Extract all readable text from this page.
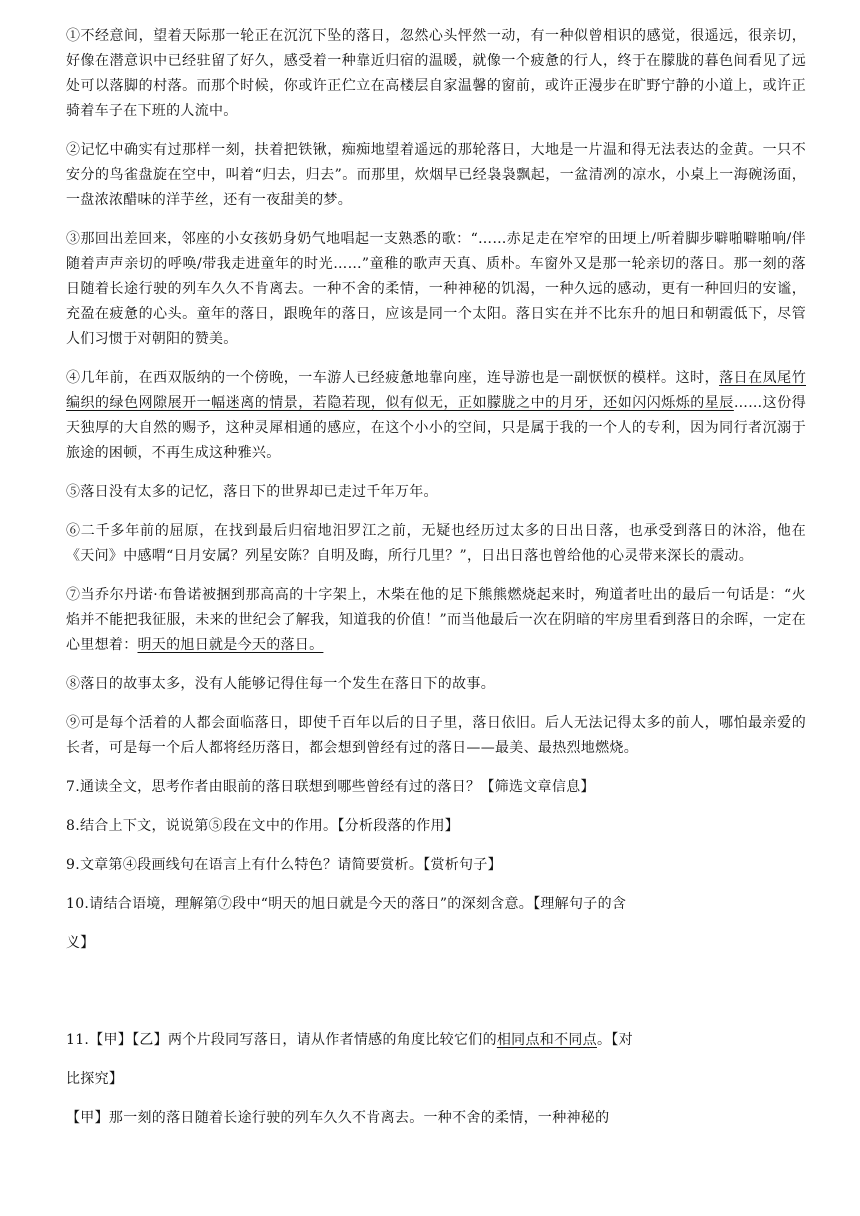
①不经意间，望着天际那一轮正在沉沉下坠的落日，忽然心头怦然一动，有一种似曾相识的感觉，很遥远，很亲切，好像在潜意识中已经驻留了好久，感受着一种靠近归宿的温暖，就像一个疲惫的行人，终于在朦胧的暮色间看见了远处可以落脚的村落。而那个时候，你或许正伫立在高楼层自家温馨的窗前，或许正漫步在旷野宁静的小道上，或许正骑着车子在下班的人流中。

②记忆中确实有过那样一刻，扶着把铁锹，痴痴地望着遥远的那轮落日，大地是一片温和得无法表达的金黄。一只不安分的鸟雀盘旋在空中，叫着“归去，归去”。而那里，炊烟早已经袅袅飘起，一盆清冽的凉水，小桌上一海碗汤面，一盘浓浓醋味的洋芋丝，还有一夜甜美的梦。

③那回出差回来，邻座的小女孩奶身奶气地唱起一支熟悉的歌：“……赤足走在窄窄的田埂上/听着脚步噼啪噼啪响/伴随着声声亲切的呼唤/带我走进童年的时光……”童稚的歌声天真、质朴。车窗外又是那一轮亲切的落日。那一刻的落日随着长途行驶的列车久久不肯离去。一种不舍的柔情，一种神秘的饥渴，一种久远的感动，更有一种回归的安谧，充盈在疲惫的心头。童年的落日，跟晚年的落日，应该是同一个太阳。落日实在并不比东升的旭日和朝霞低下，尽管人们习惯于对朝阳的赞美。

④几年前，在西双版纳的一个傍晚，一车游人已经疲惫地靠向座，连导游也是一副恹恹的模样。这时，落日在凤尾竹编织的绿色网隙展开一幅迷离的情景，若隐若现，似有似无，正如朦胧之中的月牙，还如闪闪烁烁的星辰……这份得天独厚的大自然的赐予，这种灵犀相通的感应，在这个小小的空间，只是属于我的一个人的专利，因为同行者沉溺于旅途的困顿，不再生成这种雅兴。

⑤落日没有太多的记忆，落日下的世界却已走过千年万年。

⑥二千多年前的屈原，在找到最后归宿地汨罗江之前，无疑也经历过太多的日出日落，也承受到落日的沐浴，他在《天问》中感喟“日月安属？列星安陈？自明及晦，所行几里？”，日出日落也曾给他的心灵带来深长的震动。

⑦当乔尔丹诺·布鲁诺被捆到那高高的十字架上，木柴在他的足下熊熊燃烧起来时，殉道者吐出的最后一句话是：“火焰并不能把我征服，未来的世纪会了解我，知道我的价值！”而当他最后一次在阴暗的牢房里看到落日的余晖，一定在心里想着：明天的旭日就是今天的落日。

⑧落日的故事太多，没有人能够记得住每一个发生在落日下的故事。

⑨可是每个活着的人都会面临落日，即使千百年以后的日子里，落日依旧。后人无法记得太多的前人，哪怕最亲爱的长者，可是每一个后人都将经历落日，都会想到曾经有过的落日——最美、最热烈地燃烧。

7.通读全文，思考作者由眼前的落日联想到哪些曾经有过的落日？【筛选文章信息】

8.结合上下文，说说第⑤段在文中的作用。【分析段落的作用】

9.文章第④段画线句在语言上有什么特色？请简要赏析。【赏析句子】

10.请结合语境，理解第⑦段中“明天的旭日就是今天的落日”的深刻含意。【理解句子的含

义】

11.【甲】【乙】两个片段同写落日，请从作者情感的角度比较它们的相同点和不同点。【对

比探究】

【甲】那一刻的落日随着长途行驶的列车久久不肯离去。一种不舍的柔情，一种神秘的
